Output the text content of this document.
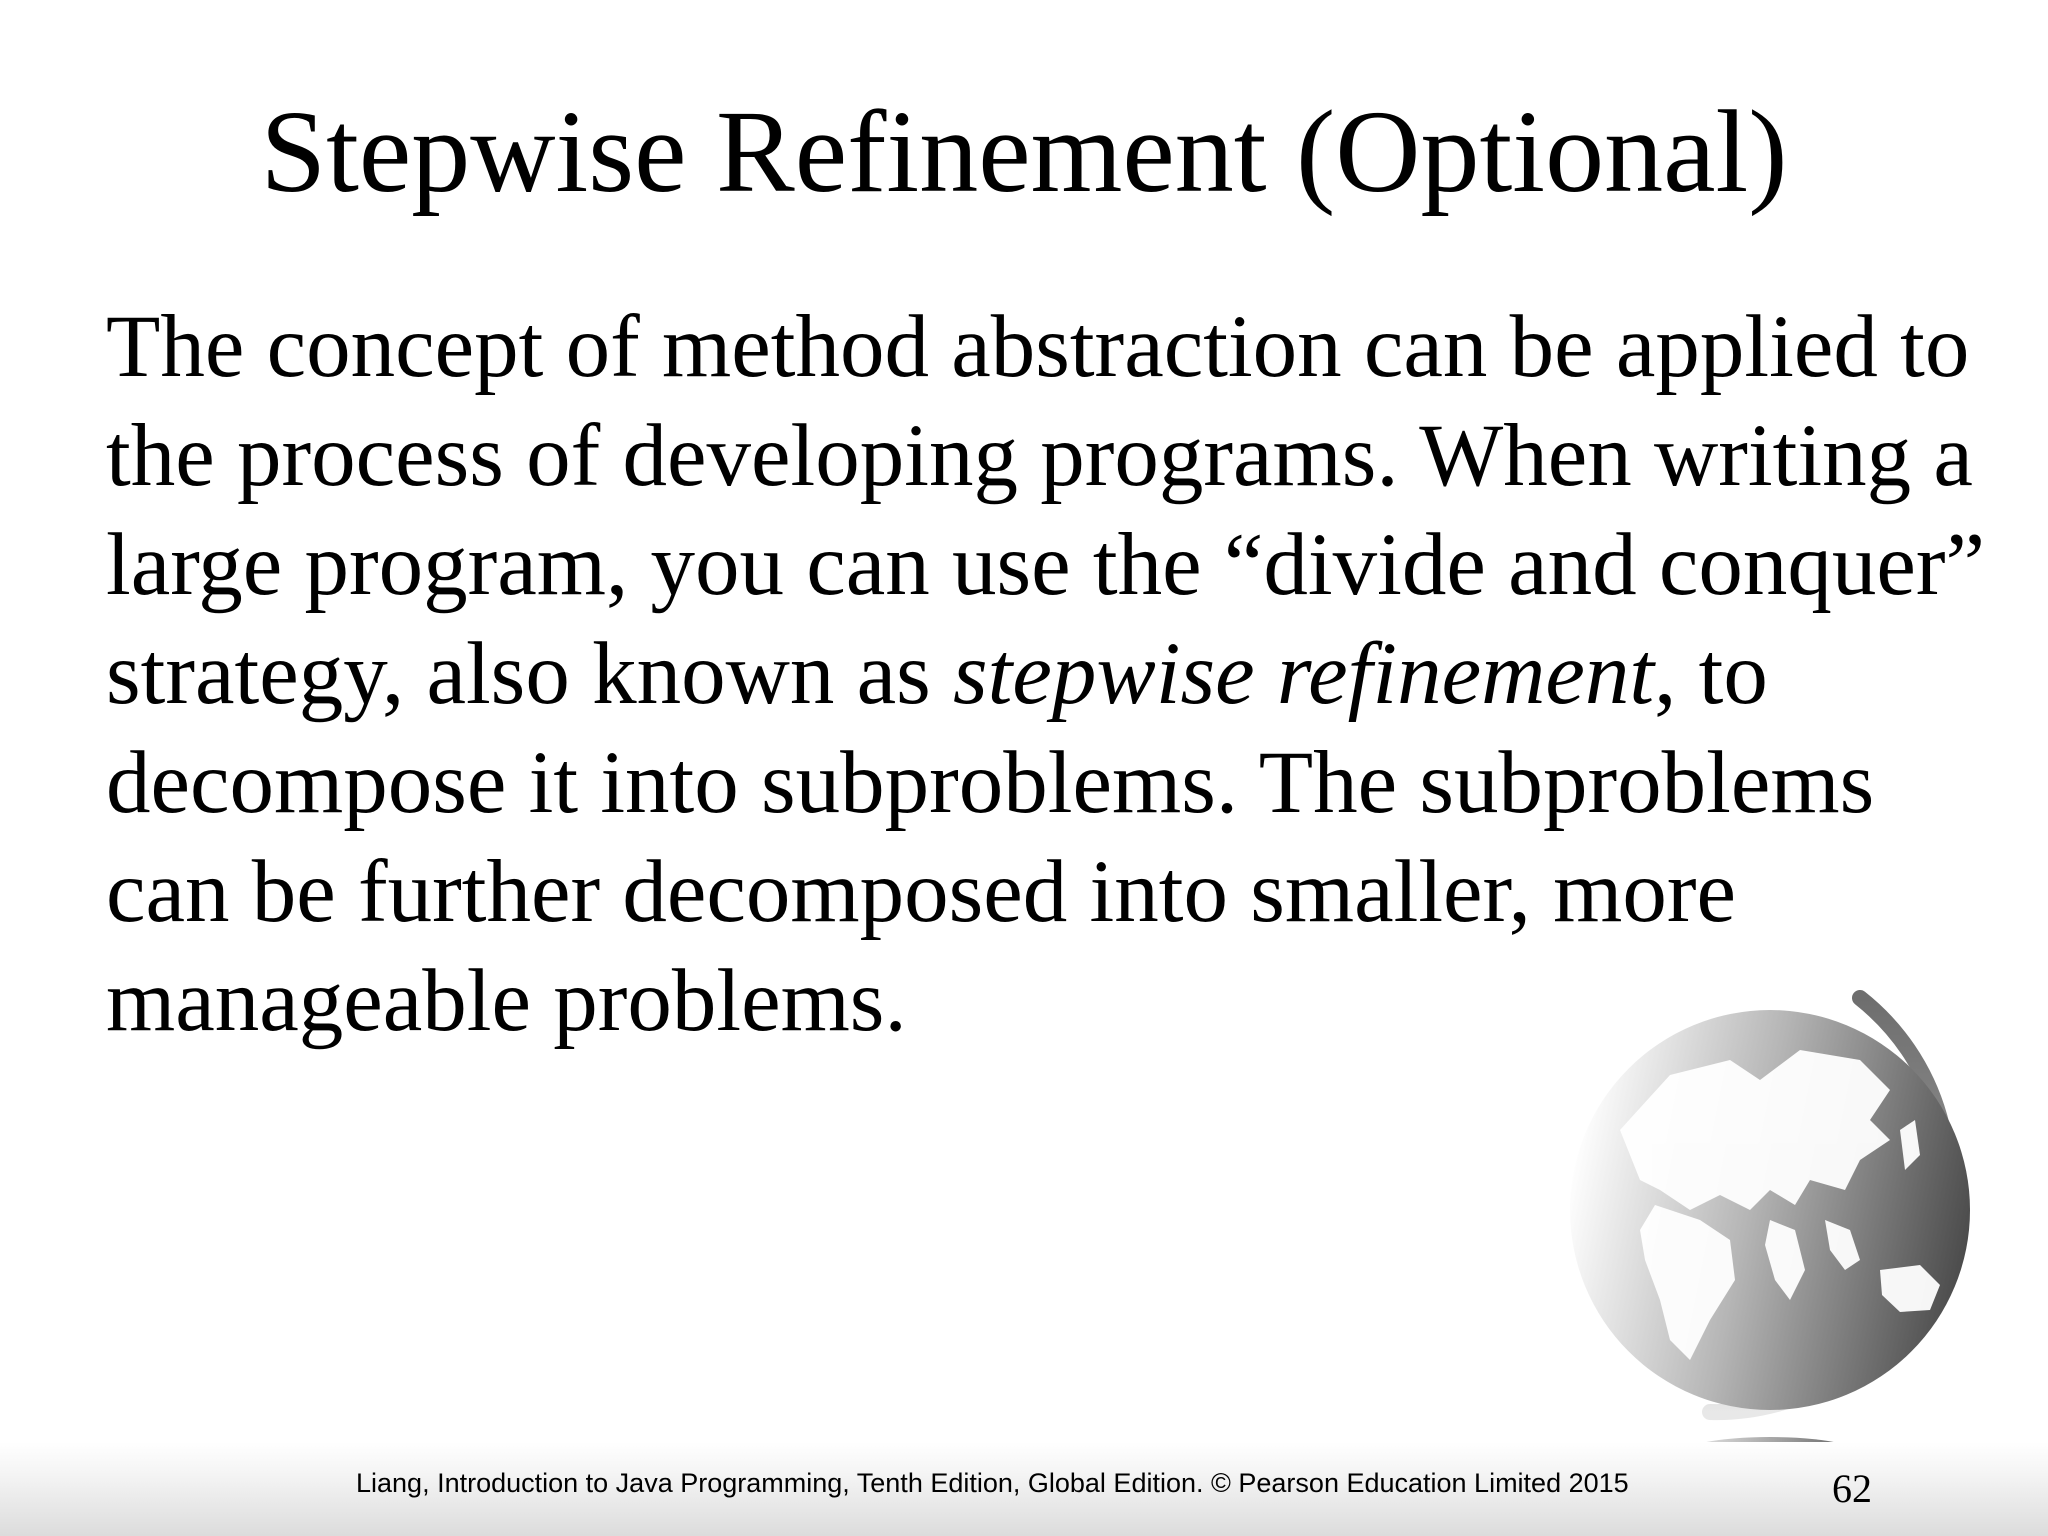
Stepwise Refinement (Optional)

The concept of method abstraction can be applied to the process of developing programs. When writing a large program, you can use the “divide and conquer” strategy, also known as stepwise refinement, to decompose it into subproblems. The subproblems can be further decomposed into smaller, more manageable problems.

Liang, Introduction to Java Programming, Tenth Edition, Global Edition. © Pearson Education Limited 2015	62
